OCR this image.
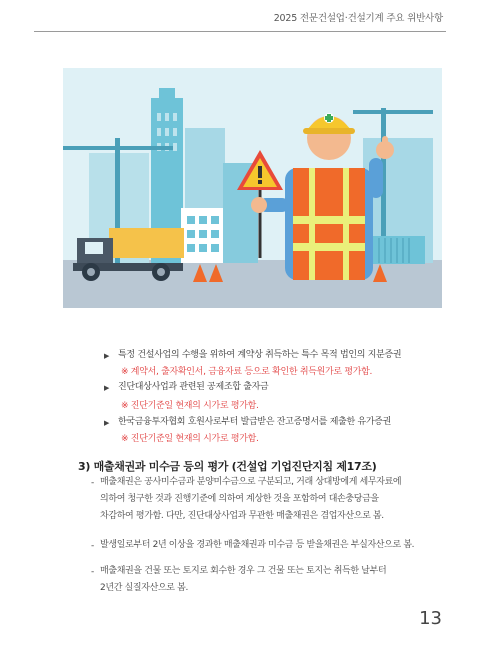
2025 전문건설업·건설기계 주요 위반사항
▶ 특정 건설사업의 수행을 위하여 계약상 취득하는 특수 목적 법인의 지분증권
※ 계약서, 출자확인서, 금융자료 등으로 확인한 취득원가로 평가함.
▶ 진단대상사업과 관련된 공제조합 출자금
※ 진단기준일 현재의 시가로 평가함.
▶ 한국금융투자협회 호원사로부터 발급받은 잔고증명서를 제출한 유가증권
※ 진단기준일 현재의 시가로 평가함.
3) 매출채권과 미수금 등의 평가 (건설업 기업진단지침 제17조)
- 매출채권은 공사미수금과 분양미수금으로 구분되고, 거래 상대방에게 세무자료에
의하여 청구한 것과 진행기준에 의하여 계상한 것을 포함하여 대손충당금을
차감하여 평가함. 다만, 진단대상사업과 무관한 매출채권은 겸업자산으로 봄.
- 발생일로부터 2년 이상을 경과한 매출채권과 미수금 등 받을채권은 부실자산으로 봄.
- 매출채권을 건물 또는 토지로 회수한 경우 그 건물 또는 토지는 취득한 날부터
2년간 실질자산으로 봄.
13
